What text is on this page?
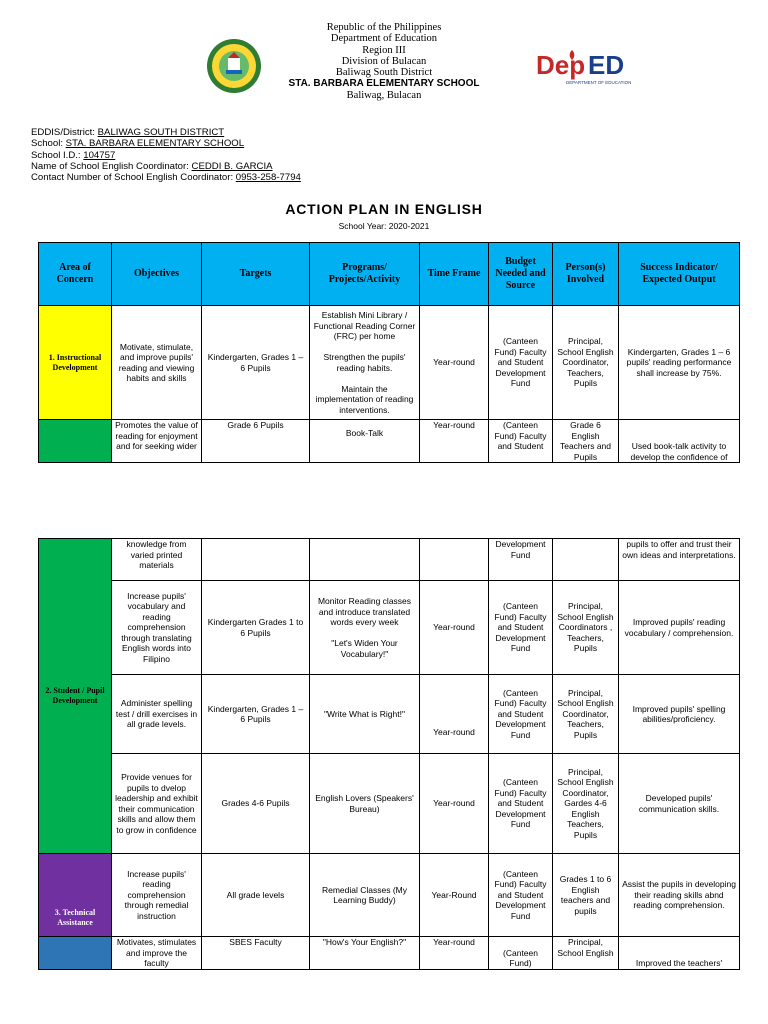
Republic of the Philippines
Department of Education
Region III
Division of Bulacan
Baliwag South District
STA. BARBARA ELEMENTARY SCHOOL
Baliwag, Bulacan
Dep ED
DEPARTMENT OF EDUCATION
EDDIS/District: BALIWAG SOUTH DISTRICT
School: STA. BARBARA ELEMENTARY SCHOOL
School I.D.: 104757
Name of School English Coordinator: CEDDI B. GARCIA
Contact Number of School English Coordinator: 0953-258-7794
ACTION PLAN IN ENGLISH
School Year: 2020-2021
Area of Concern	Objectives	Targets	Programs/ Projects/Activity	Time Frame	Budget Needed and Source	Person(s) Involved	Success Indicator/ Expected Output
1. Instructional Development	Motivate, stimulate, and improve pupils' reading and viewing habits and skills	Kindergarten, Grades 1 – 6 Pupils	Establish Mini Library / Functional Reading Corner (FRC) per home

Strengthen the pupils' reading habits.

Maintain the implementation of reading interventions.	Year-round	(Canteen Fund) Faculty and Student Development Fund	Principal, School English Coordinator, Teachers, Pupils	Kindergarten, Grades 1 – 6 pupils' reading performance shall increase by 75%.
	Promotes the value of reading for enjoyment and for seeking wider	Grade 6 Pupils	Book-Talk	Year-round	(Canteen Fund) Faculty and Student	Grade 6 English Teachers and Pupils	Used book-talk activity to develop the confidence of
2. Student / Pupil Development	knowledge from varied printed materials				Development Fund		pupils to offer and trust their own ideas and interpretations.
	Increase pupils' vocabulary and reading comprehension through translating English words into Filipino	Kindergarten Grades 1 to 6 Pupils	Monitor Reading classes and introduce translated words every week

"Let's Widen Your Vocabulary!"	Year-round	(Canteen Fund) Faculty and Student Development Fund	Principal, School English Coordinators , Teachers, Pupils	Improved pupils' reading vocabulary / comprehension.
	Administer spelling test / drill exercises in all grade levels.	Kindergarten, Grades 1 – 6 Pupils	"Write What is Right!"	Year-round	(Canteen Fund) Faculty and Student Development Fund	Principal, School English Coordinator, Teachers, Pupils	Improved pupils' spelling abilities/proficiency.
	Provide venues for pupils to dvelop leadership and exhibit their communication skills and allow them to grow in confidence	Grades 4-6 Pupils	English Lovers (Speakers' Bureau)	Year-round	(Canteen Fund) Faculty and Student Development Fund	Principal, School English Coordinator, Gardes 4-6 English Teachers, Pupils	Developed pupils' communication skills.
3. Technical Assistance	Increase pupils' reading comprehension through remedial instruction	All grade levels	Remedial Classes (My Learning Buddy)	Year-Round	(Canteen Fund) Faculty and Student Development Fund	Grades 1 to 6 English teachers and pupils	Assist the pupils in developing their reading skills abnd reading comprehension.
	Motivates, stimulates and improve the faculty	SBES Faculty	"How's Your English?"	Year-round	(Canteen Fund)	Principal, School English	Improved the teachers'
